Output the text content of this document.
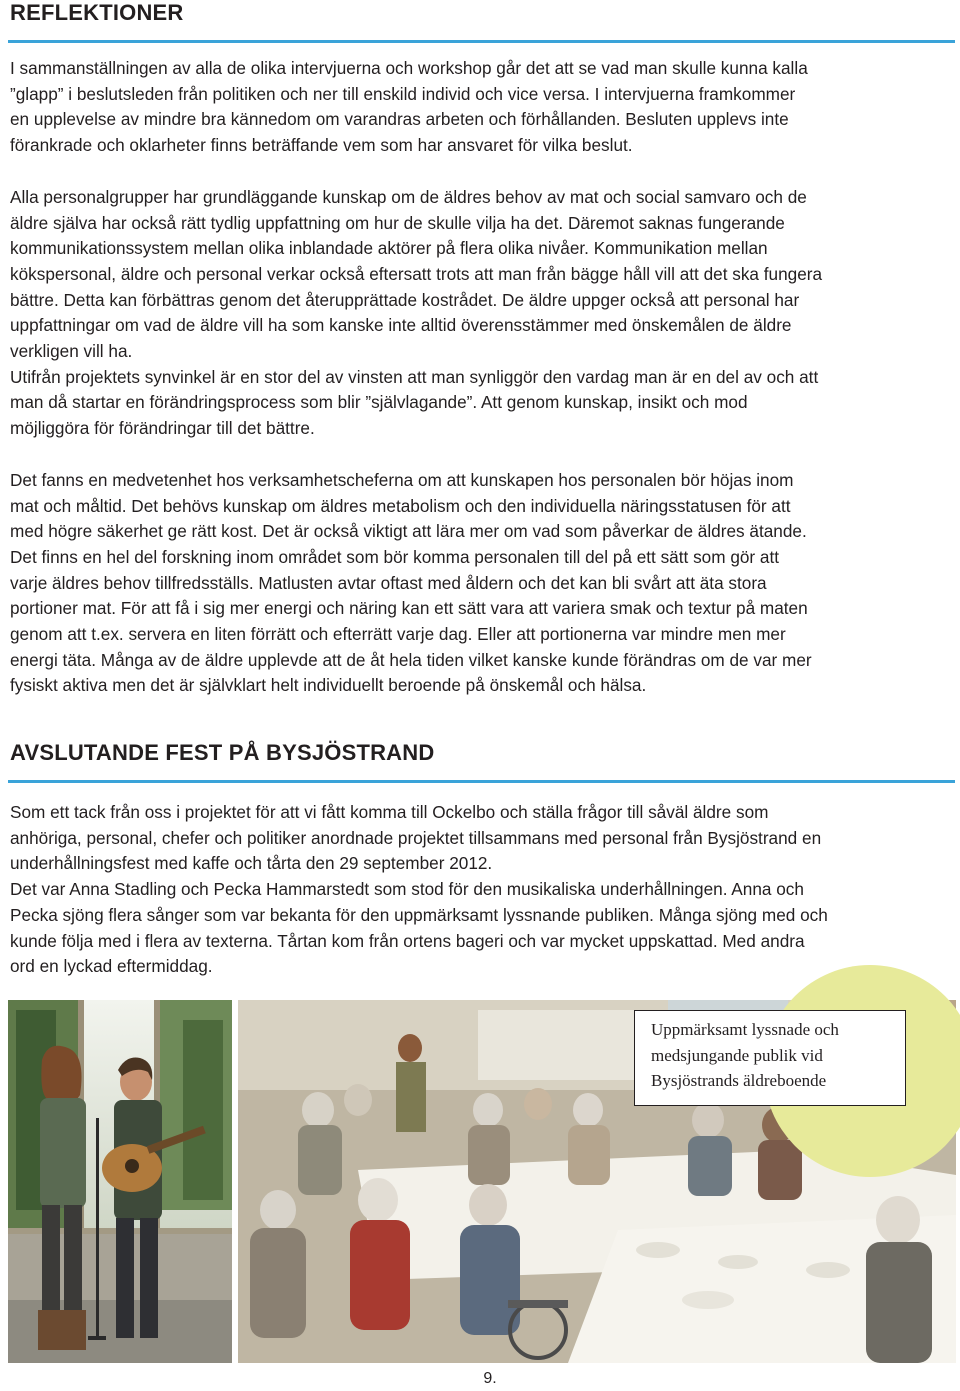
REFLEKTIONER

I sammanställningen av alla de olika intervjuerna och workshop går det att se vad man skulle kunna kalla
”glapp” i beslutsleden från politiken och ner till enskild individ och vice versa. I intervjuerna framkommer
en upplevelse av mindre bra kännedom om varandras arbeten och förhållanden. Besluten upplevs inte
förankrade och oklarheter finns beträffande vem som har ansvaret för vilka beslut.

Alla personalgrupper har grundläggande kunskap om de äldres behov av mat och social samvaro och de
äldre själva har också rätt tydlig uppfattning om hur de skulle vilja ha det. Däremot saknas fungerande
kommunikationssystem mellan olika inblandade aktörer på flera olika nivåer. Kommunikation mellan
kökspersonal, äldre och personal verkar också eftersatt trots att man från bägge håll vill att det ska fungera
bättre. Detta kan förbättras genom det återupprättade kostrådet. De äldre uppger också att personal har
uppfattningar om vad de äldre vill ha som kanske inte alltid överensstämmer med önskemålen de äldre
verkligen vill ha.
Utifrån projektets synvinkel är en stor del av vinsten att man synliggör den vardag man är en del av och att
man då startar en förändringsprocess som blir ”självlagande”. Att genom kunskap, insikt och mod
möjliggöra för förändringar till det bättre.

Det fanns en medvetenhet hos verksamhetscheferna om att kunskapen hos personalen bör höjas inom
mat och måltid. Det behövs kunskap om äldres metabolism och den individuella näringsstatusen för att
med högre säkerhet ge rätt kost. Det är också viktigt att lära mer om vad som påverkar de äldres ätande.
Det finns en hel del forskning inom området som bör komma personalen till del på ett sätt som gör att
varje äldres behov tillfredsställs. Matlusten avtar oftast med åldern och det kan bli svårt att äta stora
portioner mat. För att få i sig mer energi och näring kan ett sätt vara att variera smak och textur på maten
genom att t.ex. servera en liten förrätt och efterrätt varje dag. Eller att portionerna var mindre men mer
energi täta. Många av de äldre upplevde att de åt hela tiden vilket kanske kunde förändras om de var mer
fysiskt aktiva men det är självklart helt individuellt beroende på önskemål och hälsa.

AVSLUTANDE FEST PÅ BYSJÖSTRAND

Som ett tack från oss i projektet för att vi fått komma till Ockelbo och ställa frågor till såväl äldre som
anhöriga, personal, chefer och politiker anordnade projektet tillsammans med personal från Bysjöstrand en
underhållningsfest med kaffe och tårta den 29 september 2012.
Det var Anna Stadling och Pecka Hammarstedt som stod för den musikaliska underhållningen. Anna och
Pecka sjöng flera sånger som var bekanta för den uppmärksamt lyssnande publiken. Många sjöng med och
kunde följa med i flera av texterna. Tårtan kom från ortens bageri och var mycket uppskattad. Med andra
ord en lyckad eftermiddag.

Uppmärksamt lyssnade och
medsjungande publik vid
Bysjöstrands äldreboende
9.
